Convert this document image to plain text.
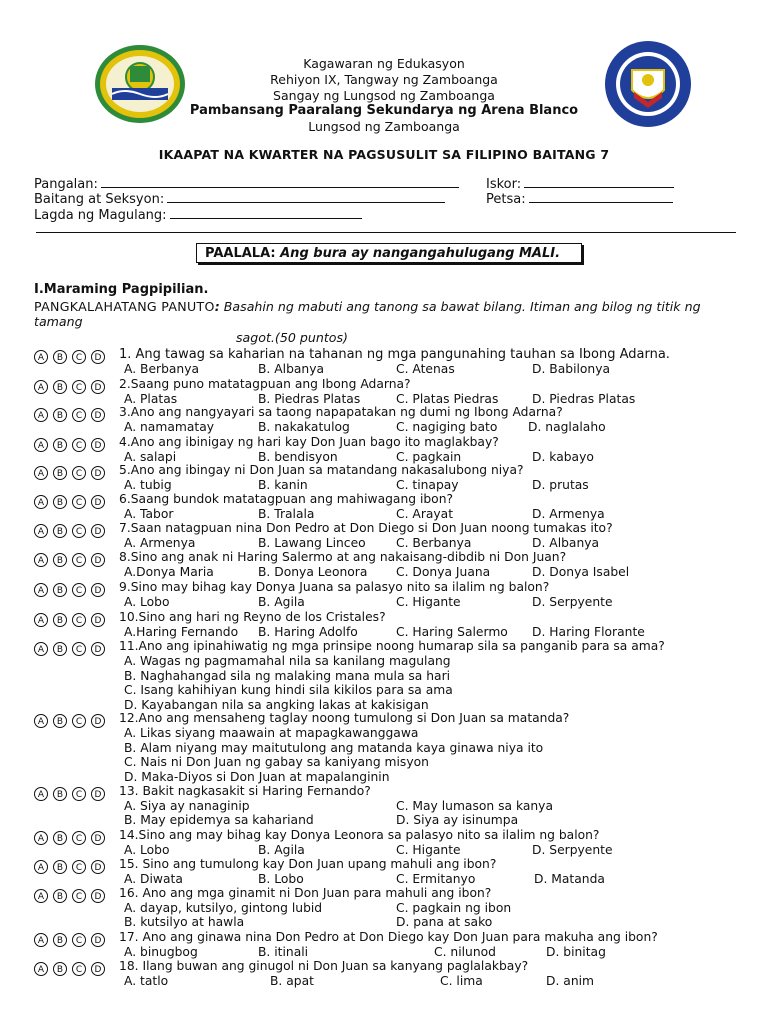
Kagawaran ng Edukasyon
Rehiyon IX, Tangway ng Zamboanga
Sangay ng Lungsod ng Zamboanga
Pambansang Paaralang Sekundarya ng Arena Blanco
Lungsod ng Zamboanga
IKAAPAT NA KWARTER NA PAGSUSULIT SA FILIPINO BAITANG 7
Pangalan:	Iskor:
Baitang at Seksyon:	Petsa:
Lagda ng Magulang:
PAALALA: Ang bura ay nangangahulugang MALI.
I.Maraming Pagpipilian.
PANGKALAHATANG PANUTO: Basahin ng mabuti ang tanong sa bawat bilang. Itiman ang bilog ng titik ng tamang
sagot.(50 puntos)
A B C D 1. Ang tawag sa kaharian na tahanan ng mga pangunahing tauhan sa Ibong Adarna.
A. Berbanya	B. Albanya	C. Atenas	D. Babilonya
A B C D 2.Saang puno matatagpuan ang Ibong Adarna?
A. Platas	B. Piedras Platas	C. Platas Piedras	D. Piedras Platas
A B C D 3.Ano ang nangyayari sa taong napapatakan ng dumi ng Ibong Adarna?
A. namamatay	B. nakakatulog	C. nagiging bato D. naglalaho
A B C D 4.Ano ang ibinigay ng hari kay Don Juan bago ito maglakbay?
A. salapi	B. bendisyon	C. pagkain	D. kabayo
A B C D 5.Ano ang ibingay ni Don Juan sa matandang nakasalubong niya?
A. tubig	B. kanin	C. tinapay	D. prutas
A B C D 6.Saang bundok matatagpuan ang mahiwagang ibon?
A. Tabor	B. Tralala	C. Arayat	D. Armenya
A B C D 7.Saan natagpuan nina Don Pedro at Don Diego si Don Juan noong tumakas ito?
A. Armenya	B. Lawang Linceo C. Berbanya	D. Albanya
A B C D 8.Sino ang anak ni Haring Salermo at ang nakaisang-dibdib ni Don Juan?
A.Donya Maria	B. Donya Leonora C. Donya Juana	D. Donya Isabel
A B C D 9.Sino may bihag kay Donya Juana sa palasyo nito sa ilalim ng balon?
A. Lobo	B. Agila	C. Higante	D. Serpyente
A B C D 10.Sino ang hari ng Reyno de los Cristales?
A.Haring Fernando B. Haring Adolfo	C. Haring Salermo D. Haring Florante
A B C D 11.Ano ang ipinahiwatig ng mga prinsipe noong humarap sila sa panganib para sa ama?
A. Wagas ng pagmamahal nila sa kanilang magulang
B. Naghahangad sila ng malaking mana mula sa hari
C. Isang kahihiyan kung hindi sila kikilos para sa ama
D. Kayabangan nila sa angking lakas at kakisigan
A B C D 12.Ano ang mensaheng taglay noong tumulong si Don Juan sa matanda?
A. Likas siyang maawain at mapagkawanggawa
B. Alam niyang may maitutulong ang matanda kaya ginawa niya ito
C. Nais ni Don Juan ng gabay sa kaniyang misyon
D. Maka-Diyos si Don Juan at mapalanginin
A B C D 13. Bakit nagkasakit si Haring Fernando?
A. Siya ay nanaginip	C. May lumason sa kanya
B. May epidemya sa kahariand	D. Siya ay isinumpa
A B C D 14.Sino ang may bihag kay Donya Leonora sa palasyo nito sa ilalim ng balon?
A. Lobo	B. Agila	C. Higante	D. Serpyente
A B C D 15. Sino ang tumulong kay Don Juan upang mahuli ang ibon?
A. Diwata	B. Lobo	C. Ermitanyo	D. Matanda
A B C D 16. Ano ang mga ginamit ni Don Juan para mahuli ang ibon?
A. dayap, kutsilyo, gintong lubid	C. pagkain ng ibon
B. kutsilyo at hawla	D. pana at sako
A B C D 17. Ano ang ginawa nina Don Pedro at Don Diego kay Don Juan para makuha ang ibon?
A. binugbog	B. itinali	C. nilunod	D. binitag
A B C D 18. Ilang buwan ang ginugol ni Don Juan sa kanyang paglalakbay?
A. tatlo	B. apat	C. lima	D. anim
